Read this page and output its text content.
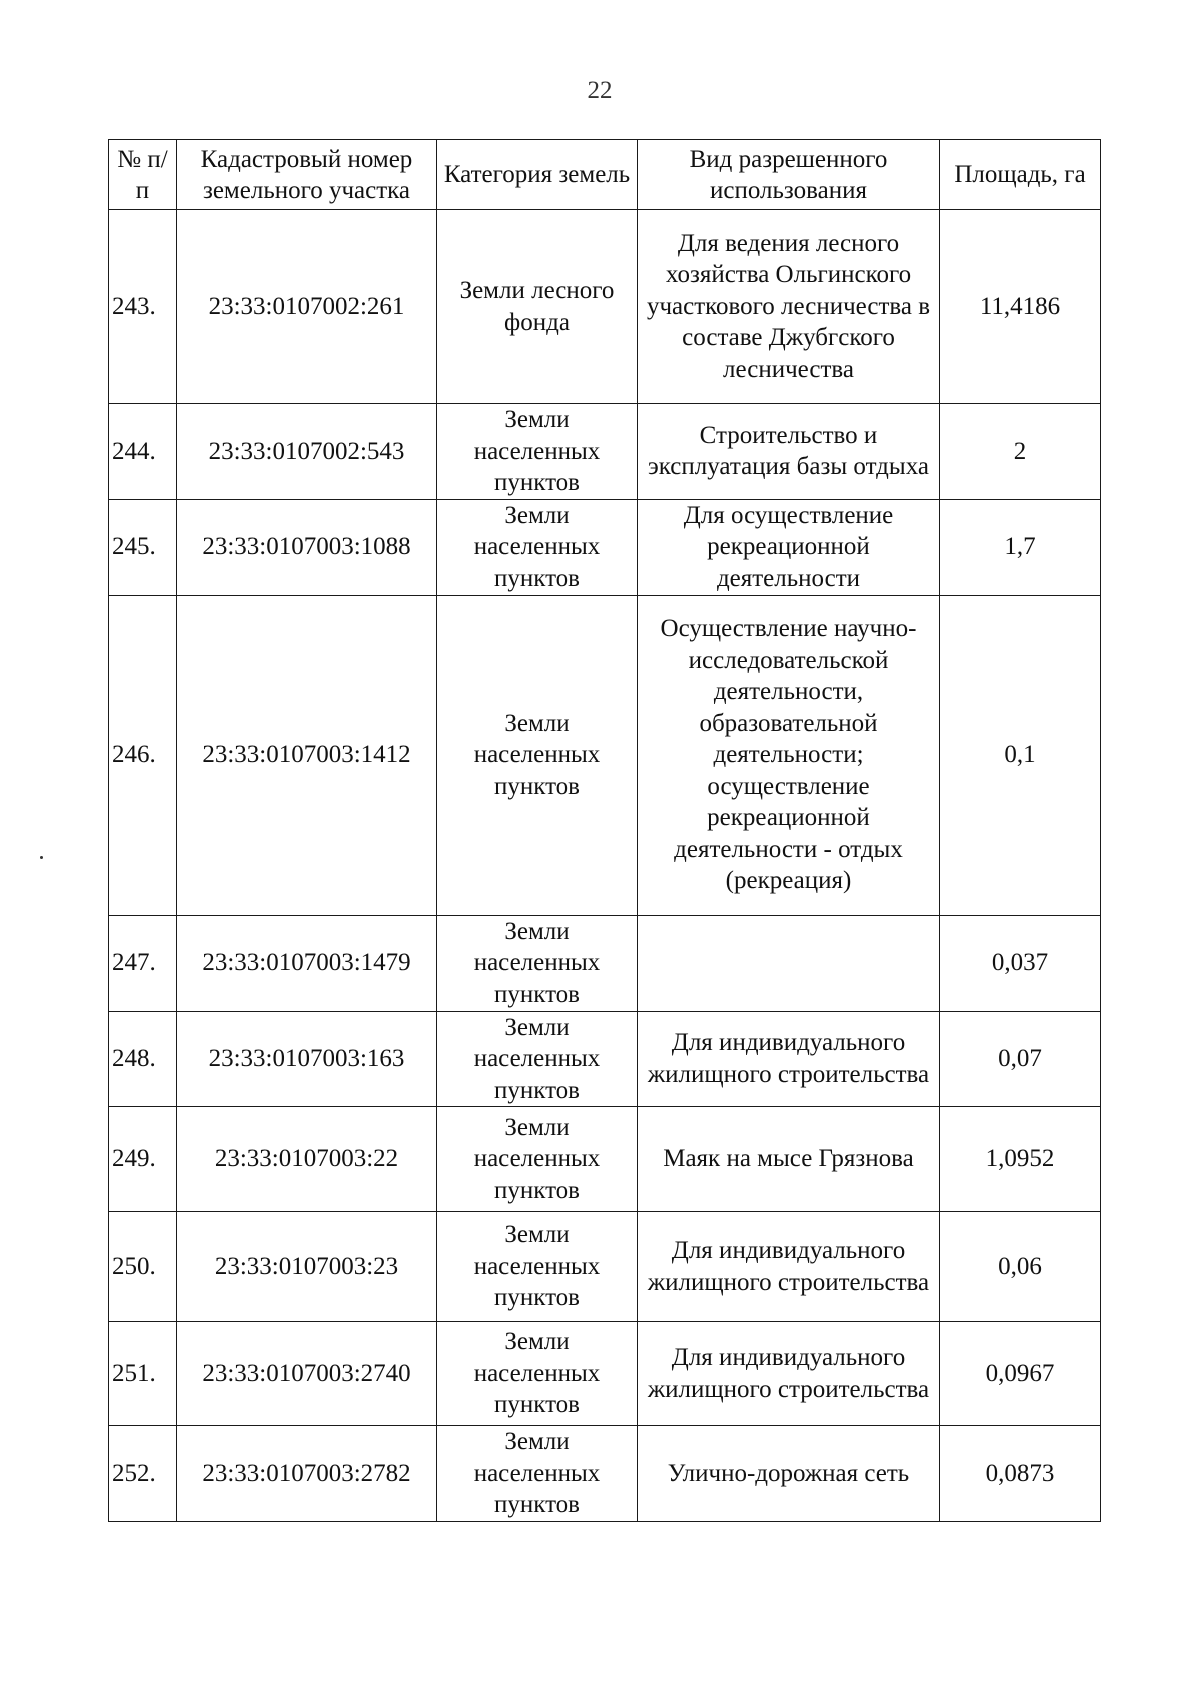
22
№ п/п	Кадастровый номер земельного участка	Категория земель	Вид разрешенного использования	Площадь, га
243.	23:33:0107002:261	Земли лесного фонда	Для ведения лесного хозяйства Ольгинского участкового лесничества в составе Джубгского лесничества	11,4186
244.	23:33:0107002:543	Земли населенных пунктов	Строительство и эксплуатация базы отдыха	2
245.	23:33:0107003:1088	Земли населенных пунктов	Для осуществление рекреационной деятельности	1,7
246.	23:33:0107003:1412	Земли населенных пунктов	Осуществление научно-исследовательской деятельности, образовательной деятельности; осуществление рекреационной деятельности - отдых (рекреация)	0,1
247.	23:33:0107003:1479	Земли населенных пунктов		0,037
248.	23:33:0107003:163	Земли населенных пунктов	Для индивидуального жилищного строительства	0,07
249.	23:33:0107003:22	Земли населенных пунктов	Маяк на мысе Грязнова	1,0952
250.	23:33:0107003:23	Земли населенных пунктов	Для индивидуального жилищного строительства	0,06
251.	23:33:0107003:2740	Земли населенных пунктов	Для индивидуального жилищного строительства	0,0967
252.	23:33:0107003:2782	Земли населенных пунктов	Улично-дорожная сеть	0,0873
